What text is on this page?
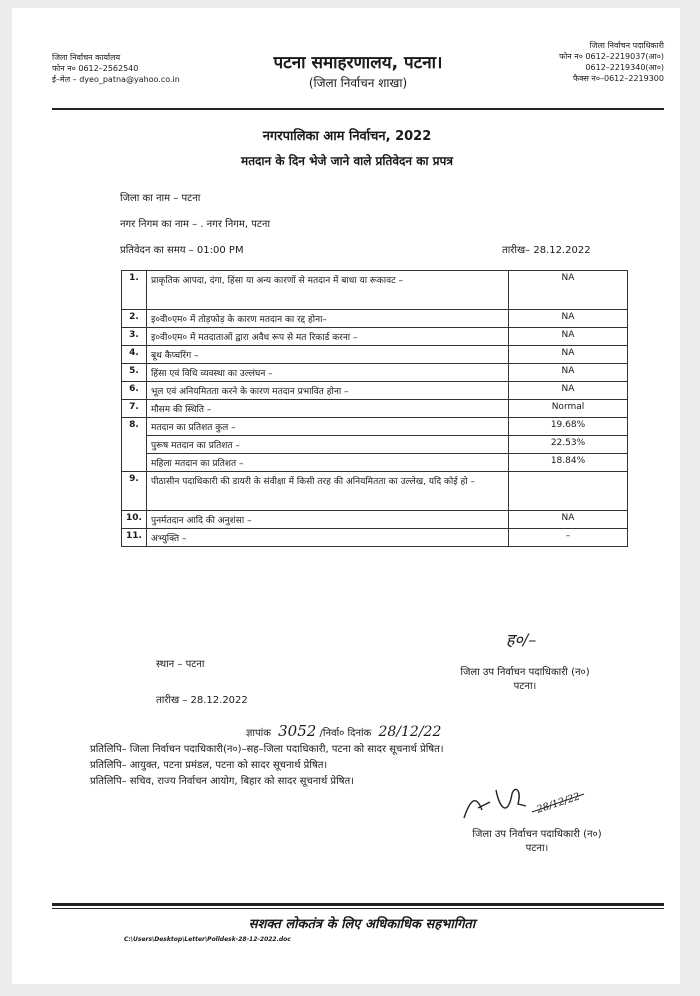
जिला निर्वाचन कार्यालय
फोन न० 0612–2562540
ई–मेल – dyeo_patna@yahoo.co.in
पटना समाहरणालय, पटना।
(जिला निर्वाचन शाखा)
जिला निर्वाचन पदाधिकारी
फोन न० 0612–2219037(आ०)
0612–2219340(आ०)
फैक्स न०–0612–2219300
नगरपालिका आम निर्वाचन, 2022
मतदान के दिन भेजे जाने वाले प्रतिवेदन का प्रपत्र
जिला का नाम – पटना
नगर निगम का नाम – . नगर निगम, पटना
प्रतिवेदन का समय – 01:00 PM	तारीख– 28.12.2022
1.	प्राकृतिक आपदा, दंगा, हिंसा या अन्य कारणों से मतदान में बाधा या रूकावट –	NA
2.	इ०वी०एम० में तोड़फोड़ के कारण मतदान का रद्द होना–	NA
3.	इ०वी०एम० में मतदाताओं द्वारा अवैध रूप से मत रिकार्ड करना –	NA
4.	बूथ कैप्चरिंग –	NA
5.	हिंसा एवं विधि व्यवस्था का उल्लंघन –	NA
6.	भूल एवं अनियमितता करने के कारण मतदान प्रभावित होना –	NA
7.	मौसम की स्थिति –	Normal
8.	मतदान का प्रतिशत कुल –	19.68%
	पुरूष मतदान का प्रतिशत –	22.53%
	महिला मतदान का प्रतिशत –	18.84%
9.	पीठासीन पदाधिकारी की डायरी के संवीक्षा में किसी तरह की अनियमितता का उल्लेख, यदि कोई हो –	
10.	पुनर्मतदान आदि की अनुशंसा –	NA
11.	अभ्युक्ति –	–
स्थान – पटना
ह०/–
जिला उप निर्वाचन पदाधिकारी (न०)
पटना।
तारीख – 28.12.2022
ज्ञापांक 3052 /निर्वा० दिनांक 28/12/22
प्रतिलिपि– जिला निर्वाचन पदाधिकारी(न०)–सह–जिला पदाधिकारी, पटना को सादर सूचनार्थ प्रेषित।
प्रतिलिपि– आयुक्त, पटना प्रमंडल, पटना को सादर सूचनार्थ प्रेषित।
प्रतिलिपि– सचिव, राज्य निर्वाचन आयोग, बिहार को सादर सूचनार्थ प्रेषित।
28/12/22
जिला उप निर्वाचन पदाधिकारी (न०)
पटना।
सशक्त लोकतंत्र के लिए अधिकाधिक सहभागिता
C:\Users\Desktop\Letter\Polldesk-28-12-2022.doc
